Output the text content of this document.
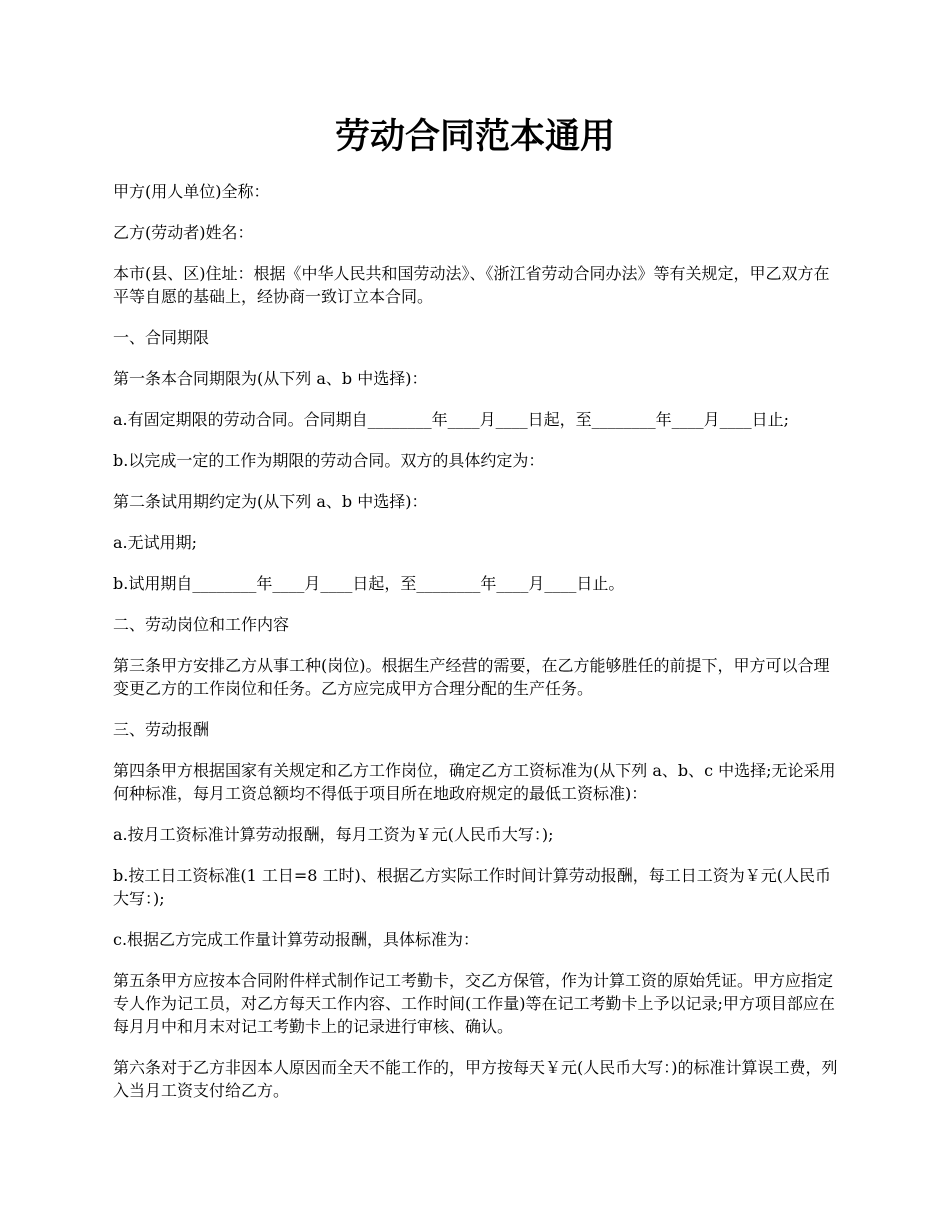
劳动合同范本通用

甲方(用人单位)全称：

乙方(劳动者)姓名：

本市(县、区)住址：根据《中华人民共和国劳动法》、《浙江省劳动合同办法》等有关规定，甲乙双方在平等自愿的基础上，经协商一致订立本合同。

一、合同期限

第一条本合同期限为(从下列 a、b 中选择)：

a.有固定期限的劳动合同。合同期自________年____月____日起，至________年____月____日止;

b.以完成一定的工作为期限的劳动合同。双方的具体约定为：

第二条试用期约定为(从下列 a、b 中选择)：

a.无试用期;

b.试用期自________年____月____日起，至________年____月____日止。

二、劳动岗位和工作内容

第三条甲方安排乙方从事工种(岗位)。根据生产经营的需要，在乙方能够胜任的前提下，甲方可以合理变更乙方的工作岗位和任务。乙方应完成甲方合理分配的生产任务。

三、劳动报酬

第四条甲方根据国家有关规定和乙方工作岗位，确定乙方工资标准为(从下列 a、b、c 中选择;无论采用何种标准，每月工资总额均不得低于项目所在地政府规定的最低工资标准)：

a.按月工资标准计算劳动报酬，每月工资为￥元(人民币大写：);

b.按工日工资标准(1 工日=8 工时)、根据乙方实际工作时间计算劳动报酬，每工日工资为￥元(人民币大写：);

c.根据乙方完成工作量计算劳动报酬，具体标准为：

第五条甲方应按本合同附件样式制作记工考勤卡，交乙方保管，作为计算工资的原始凭证。甲方应指定专人作为记工员，对乙方每天工作内容、工作时间(工作量)等在记工考勤卡上予以记录;甲方项目部应在每月月中和月末对记工考勤卡上的记录进行审核、确认。

第六条对于乙方非因本人原因而全天不能工作的，甲方按每天￥元(人民币大写：)的标准计算误工费，列入当月工资支付给乙方。
